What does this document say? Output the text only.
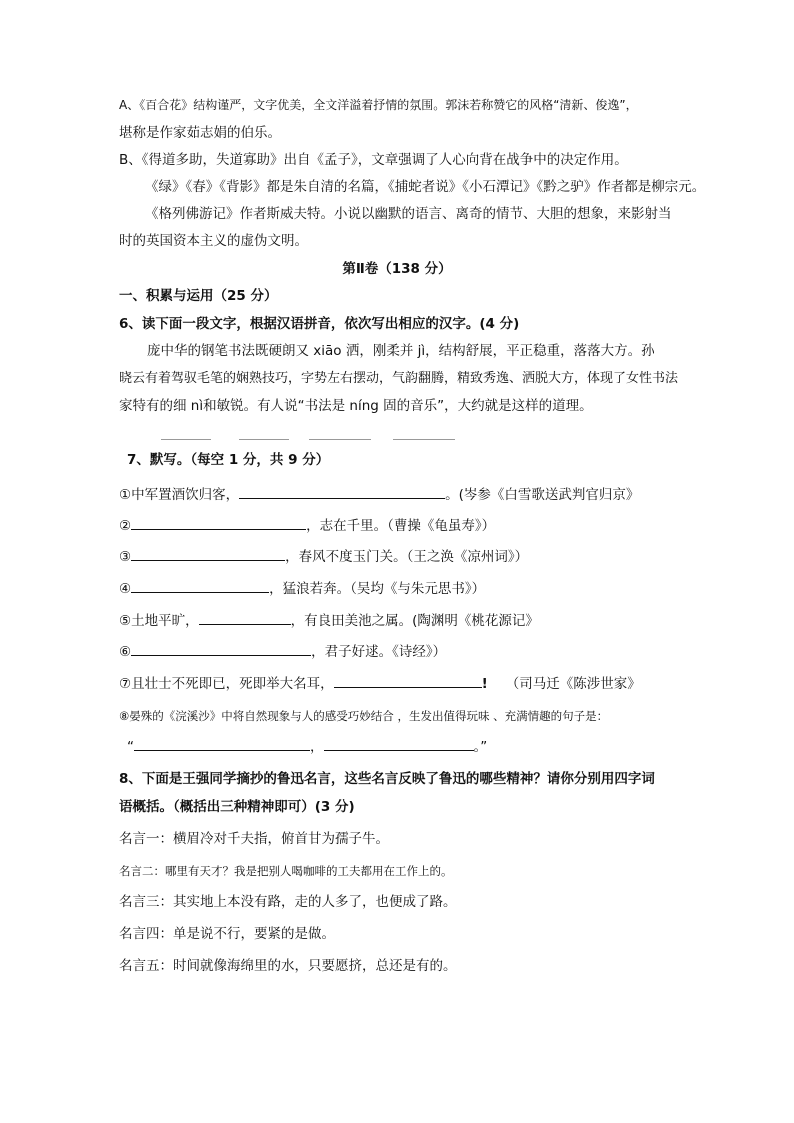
A、《百合花》结构谨严，文字优美，全文洋溢着抒情的氛围。郭沫若称赞它的风格“清新、俊逸”，
堪称是作家茹志娟的伯乐。
B、《得道多助，失道寡助》出自《孟子》，文章强调了人心向背在战争中的决定作用。
《绿》《春》《背影》都是朱自清的名篇，《捕蛇者说》《小石潭记》《黔之驴》作者都是柳宗元。
《格列佛游记》作者斯威夫特。小说以幽默的语言、离奇的情节、大胆的想象，来影射当
时的英国资本主义的虚伪文明。
第Ⅱ卷（138 分）
一、积累与运用（25 分）
6、读下面一段文字，根据汉语拼音，依次写出相应的汉字。(4 分)
庞中华的钢笔书法既硬朗又 xiāo 洒，刚柔并 jì，结构舒展，平正稳重，落落大方。孙
晓云有着驾驭毛笔的娴熟技巧，字势左右摆动，气韵翻腾，精致秀逸、洒脱大方，体现了女性书法
家特有的细 nì和敏锐。有人说“书法是 níng 固的音乐”，大约就是这样的道理。
7、默写。（每空 1 分，共 9 分）
①中军置酒饮归客，	。(岑参《白雪歌送武判官归京》
②	，志在千里。（曹操《龟虽寿》）
③	，春风不度玉门关。（王之涣《凉州词》）
④	，猛浪若奔。（吴均《与朱元思书》）
⑤土地平旷，	，有良田美池之属。(陶渊明《桃花源记》
⑥	，君子好逑。《诗经》）
⑦且壮士不死即已，死即举大名耳，	! （司马迁《陈涉世家》
⑧晏殊的《浣溪沙》中将自然现象与人的感受巧妙结合 ，生发出值得玩味 、充满情趣的句子是：
“	，	。”
8、下面是王强同学摘抄的鲁迅名言，这些名言反映了鲁迅的哪些精神？请你分别用四字词
语概括。（概括出三种精神即可）(3 分)
名言一：横眉冷对千夫指，俯首甘为孺子牛。
名言二：哪里有天才？我是把别人喝咖啡的工夫都用在工作上的。
名言三：其实地上本没有路，走的人多了，也便成了路。
名言四：单是说不行，要紧的是做。
名言五：时间就像海绵里的水，只要愿挤，总还是有的。
